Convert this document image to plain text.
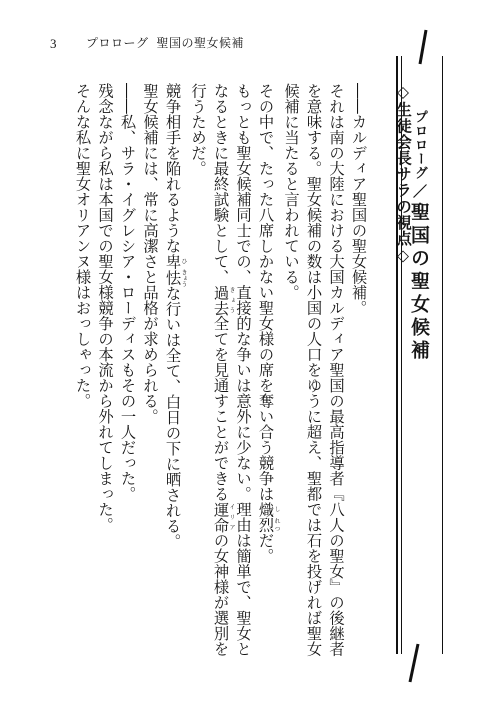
3 プロローグ 聖国の聖女候補
プロローグ／聖国の聖女候補

◇生徒会長サラの視点◇

――カルディア聖国の聖女候補。

それは南の大陸における大国カルディア聖国の最高指導者『八人の聖女』の後継者を意味する。聖女候補の数は小国の人口をゆうに超え、聖都では石を投げれば聖女候補に当たると言われている。

その中で、たった八席しかない聖女様の席を奪い合う競争は熾し烈れつだ。

もっとも聖女候補同士での、直接的な争いは意外に少ない。理由は簡単で、聖女となるときに最終試験として、過去きょう全てを見通すことができる運命イリアの女神様が選別を行うためだ。

競争相手を陥れるような卑ひ怯きょうな行いは全て、白日の下に晒される。

聖女候補には、常に高潔さと品格が求められる。

――私、サラ・イグレシア・ローディスもその一人だった。

残念ながら私は本国での聖女様競争の本流から外れてしまった。

そんな私に聖女オリアンヌ様はおっしゃった。
